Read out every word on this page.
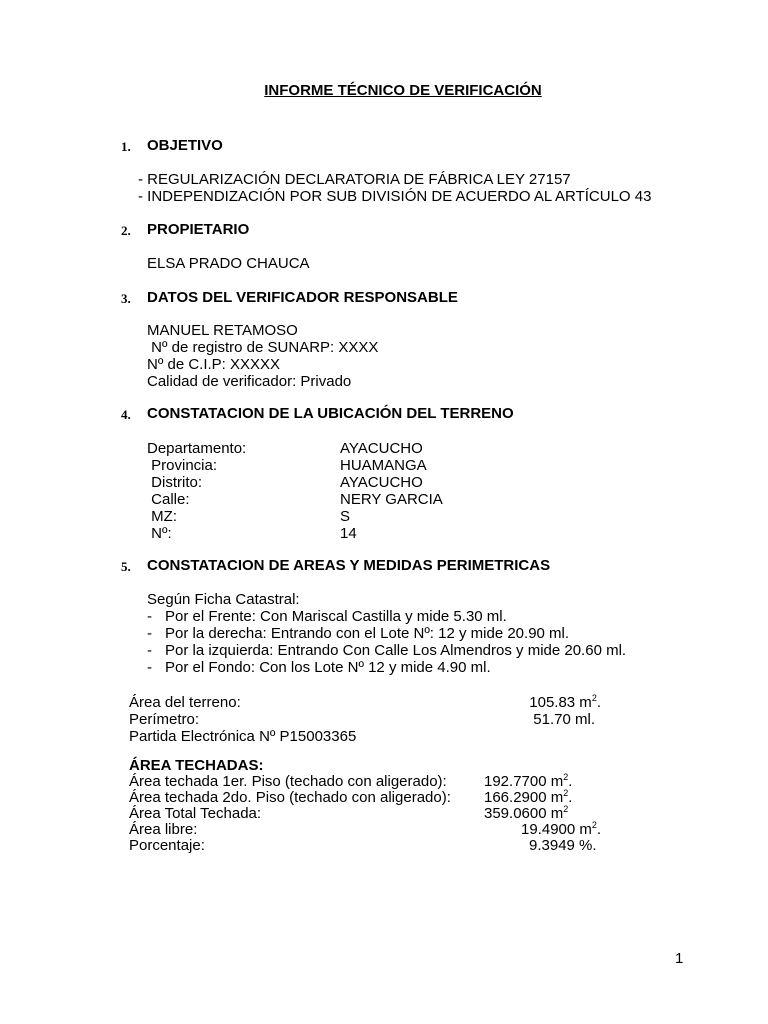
INFORME TÉCNICO DE VERIFICACIÓN
1. OBJETIVO
- REGULARIZACIÓN DECLARATORIA DE FÁBRICA LEY 27157
- INDEPENDIZACIÓN POR SUB DIVISIÓN DE ACUERDO AL ARTÍCULO 43
2. PROPIETARIO
ELSA PRADO CHAUCA
3. DATOS DEL VERIFICADOR RESPONSABLE
MANUEL RETAMOSO
Nº de registro de SUNARP: XXXX
Nº de C.I.P: XXXXX
Calidad de verificador: Privado
4. CONSTATACION DE LA UBICACIÓN DEL TERRENO
Departamento:	AYACUCHO
Provincia:	HUAMANGA
Distrito:	AYACUCHO
Calle:	NERY GARCIA
MZ:	S
Nº:	14
5. CONSTATACION DE AREAS Y MEDIDAS PERIMETRICAS
Según Ficha Catastral:
- Por el Frente: Con Mariscal Castilla y mide 5.30 ml.
- Por la derecha: Entrando con el Lote Nº: 12 y mide 20.90 ml.
- Por la izquierda: Entrando Con Calle Los Almendros y mide 20.60 ml.
- Por el Fondo: Con los Lote Nº 12 y mide 4.90 ml.
Área del terreno:	105.83 $m^2$.
Perímetro:	51.70 ml.
Partida Electrónica Nº P15003365
ÁREA TECHADAS:
Área techada 1er. Piso (techado con aligerado): 192.7700 $m^2$.
Área techada 2do. Piso (techado con aligerado): 166.2900 $m^2$.
Área Total Techada:	359.0600 $m^2$
Área libre:	19.4900 $m^2$.
Porcentaje:	9.3949 %.
1
